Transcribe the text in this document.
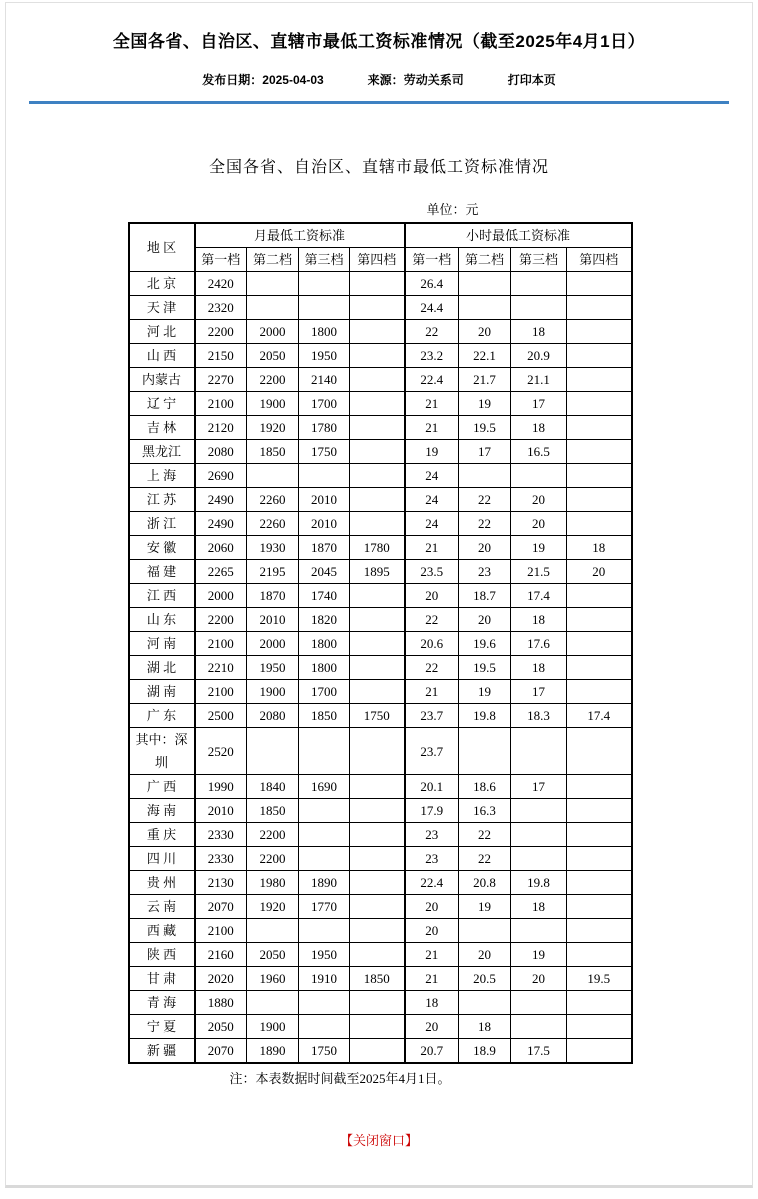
全国各省、自治区、直辖市最低工资标准情况（截至2025年4月1日）
发布日期：2025-04-03	来源：劳动关系司	打印本页
全国各省、自治区、直辖市最低工资标准情况
单位：元
地 区	月最低工资标准				小时最低工资标准			
	第一档	第二档	第三档	第四档	第一档	第二档	第三档	第四档
北 京	2420				26.4			
天 津	2320				24.4			
河 北	2200	2000	1800		22	20	18	
山 西	2150	2050	1950		23.2	22.1	20.9	
内蒙古	2270	2200	2140		22.4	21.7	21.1	
辽 宁	2100	1900	1700		21	19	17	
吉 林	2120	1920	1780		21	19.5	18	
黑龙江	2080	1850	1750		19	17	16.5	
上 海	2690				24			
江 苏	2490	2260	2010		24	22	20	
浙 江	2490	2260	2010		24	22	20	
安 徽	2060	1930	1870	1780	21	20	19	18
福 建	2265	2195	2045	1895	23.5	23	21.5	20
江 西	2000	1870	1740		20	18.7	17.4	
山 东	2200	2010	1820		22	20	18	
河 南	2100	2000	1800		20.6	19.6	17.6	
湖 北	2210	1950	1800		22	19.5	18	
湖 南	2100	1900	1700		21	19	17	
广 东	2500	2080	1850	1750	23.7	19.8	18.3	17.4
其中：深圳	2520				23.7			
广 西	1990	1840	1690		20.1	18.6	17	
海 南	2010	1850			17.9	16.3		
重 庆	2330	2200			23	22		
四 川	2330	2200			23	22		
贵 州	2130	1980	1890		22.4	20.8	19.8	
云 南	2070	1920	1770		20	19	18	
西 藏	2100				20			
陕 西	2160	2050	1950		21	20	19	
甘 肃	2020	1960	1910	1850	21	20.5	20	19.5
青 海	1880				18			
宁 夏	2050	1900			20	18		
新 疆	2070	1890	1750		20.7	18.9	17.5	

注：本表数据时间截至2025年4月1日。

【关闭窗口】
